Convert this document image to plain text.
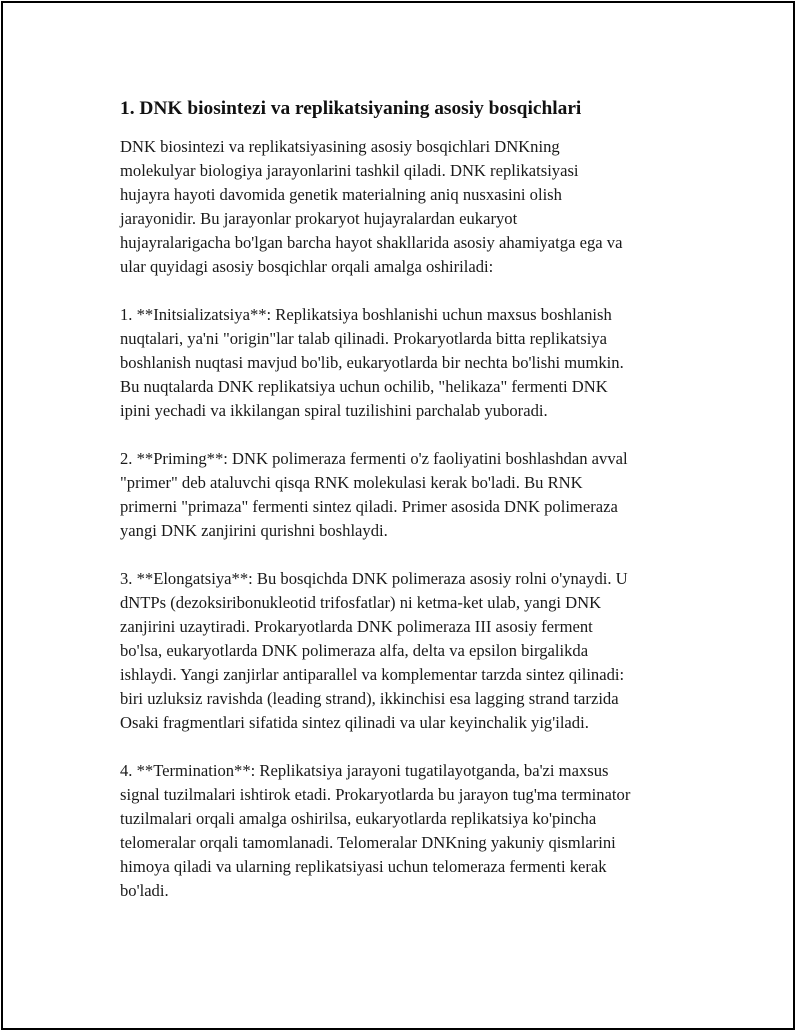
1. DNK biosintezi va replikatsiyaning asosiy bosqichlari

DNK biosintezi va replikatsiyasining asosiy bosqichlari DNKning
molekulyar biologiya jarayonlarini tashkil qiladi. DNK replikatsiyasi
hujayra hayoti davomida genetik materialning aniq nusxasini olish
jarayonidir. Bu jarayonlar prokaryot hujayralardan eukaryot
hujayralarigacha bo'lgan barcha hayot shakllarida asosiy ahamiyatga ega va
ular quyidagi asosiy bosqichlar orqali amalga oshiriladi:

1. **Initsializatsiya**: Replikatsiya boshlanishi uchun maxsus boshlanish
nuqtalari, ya'ni "origin"lar talab qilinadi. Prokaryotlarda bitta replikatsiya
boshlanish nuqtasi mavjud bo'lib, eukaryotlarda bir nechta bo'lishi mumkin.
Bu nuqtalarda DNK replikatsiya uchun ochilib, "helikaza" fermenti DNK
ipini yechadi va ikkilangan spiral tuzilishini parchalab yuboradi.

2. **Priming**: DNK polimeraza fermenti o'z faoliyatini boshlashdan avval
"primer" deb ataluvchi qisqa RNK molekulasi kerak bo'ladi. Bu RNK
primerni "primaza" fermenti sintez qiladi. Primer asosida DNK polimeraza
yangi DNK zanjirini qurishni boshlaydi.

3. **Elongatsiya**: Bu bosqichda DNK polimeraza asosiy rolni o'ynaydi. U
dNTPs (dezoksiribonukleotid trifosfatlar) ni ketma-ket ulab, yangi DNK
zanjirini uzaytiradi. Prokaryotlarda DNK polimeraza III asosiy ferment
bo'lsa, eukaryotlarda DNK polimeraza alfa, delta va epsilon birgalikda
ishlaydi. Yangi zanjirlar antiparallel va komplementar tarzda sintez qilinadi:
biri uzluksiz ravishda (leading strand), ikkinchisi esa lagging strand tarzida
Osaki fragmentlari sifatida sintez qilinadi va ular keyinchalik yig'iladi.

4. **Termination**: Replikatsiya jarayoni tugatilayotganda, ba'zi maxsus
signal tuzilmalari ishtirok etadi. Prokaryotlarda bu jarayon tug'ma terminator
tuzilmalari orqali amalga oshirilsa, eukaryotlarda replikatsiya ko'pincha
telomeralar orqali tamomlanadi. Telomeralar DNKning yakuniy qismlarini
himoya qiladi va ularning replikatsiyasi uchun telomeraza fermenti kerak
bo'ladi.
